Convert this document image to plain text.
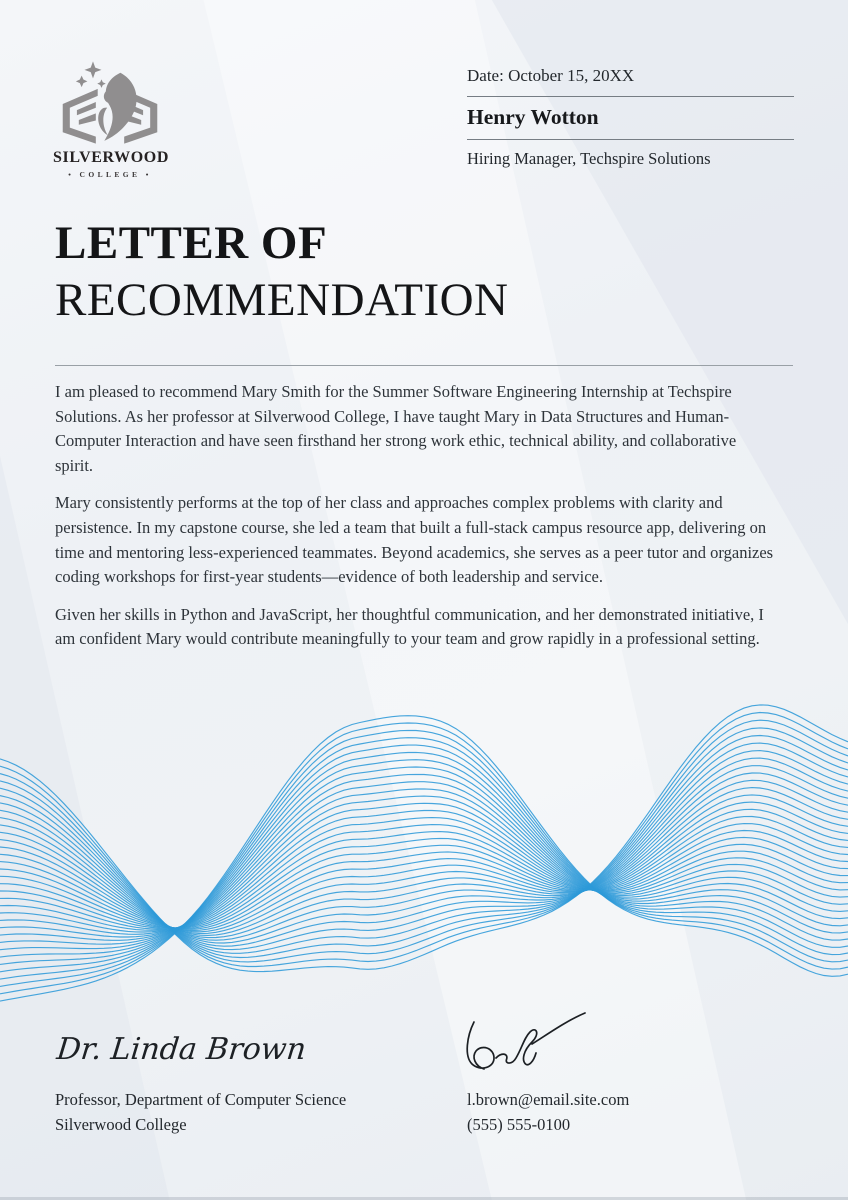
SILVERWOOD
• COLLEGE •
Date: October 15, 20XX
Henry Wotton
Hiring Manager, Techspire Solutions
LETTER OF
RECOMMENDATION

I am pleased to recommend Mary Smith for the Summer Software Engineering Internship at Techspire Solutions. As her professor at Silverwood College, I have taught Mary in Data Structures and Human-Computer Interaction and have seen firsthand her strong work ethic, technical ability, and collaborative spirit.

Mary consistently performs at the top of her class and approaches complex problems with clarity and persistence. In my capstone course, she led a team that built a full-stack campus resource app, delivering on time and mentoring less-experienced teammates. Beyond academics, she serves as a peer tutor and organizes coding workshops for first-year students—evidence of both leadership and service.

Given her skills in Python and JavaScript, her thoughtful communication, and her demonstrated initiative, I am confident Mary would contribute meaningfully to your team and grow rapidly in a professional setting.

Dr. Linda Brown
Professor, Department of Computer Science
Silverwood College
l.brown@email.site.com
(555) 555-0100
